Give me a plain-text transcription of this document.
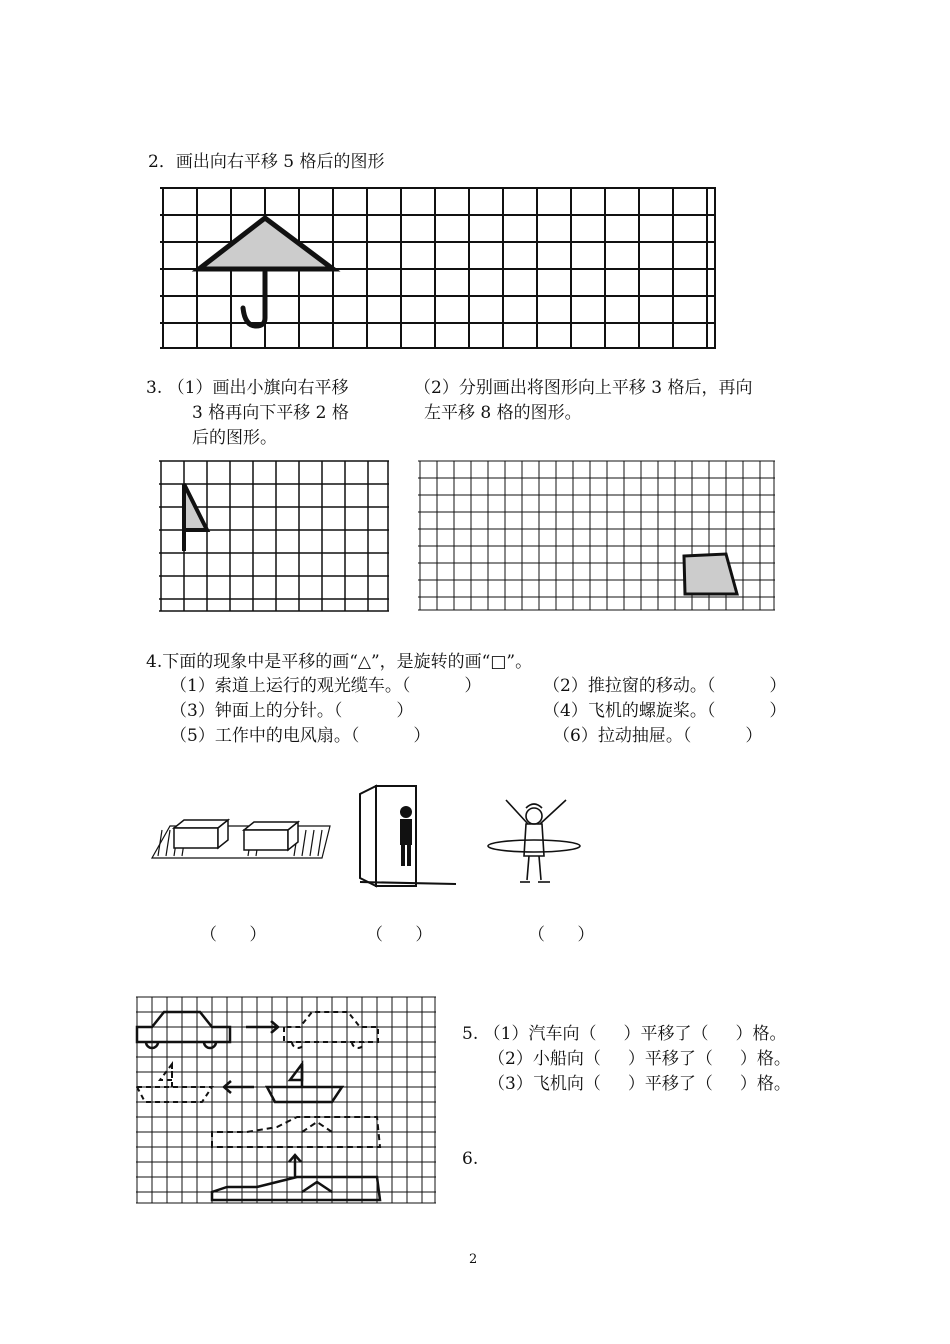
2．画出向右平移 5 格后的图形
3. （1）画出小旗向右平移
3 格再向下平移 2 格
后的图形。
（2）分别画出将图形向上平移 3 格后，再向
左平移 8 格的图形。
4.下面的现象中是平移的画“△”，是旋转的画“□”。
（1）索道上运行的观光缆车。（          ）	（2）推拉窗的移动。（          ）
（3）钟面上的分针。（          ）	（4）飞机的螺旋桨。（          ）
（5）工作中的电风扇。（          ）	（6）拉动抽屉。（          ）
（      ）	（      ）	（      ）
5. （1）汽车向（     ）平移了（     ）格。
（2）小船向（     ）平移了（     ）格。
（3）飞机向（     ）平移了（     ）格。
6.
2
